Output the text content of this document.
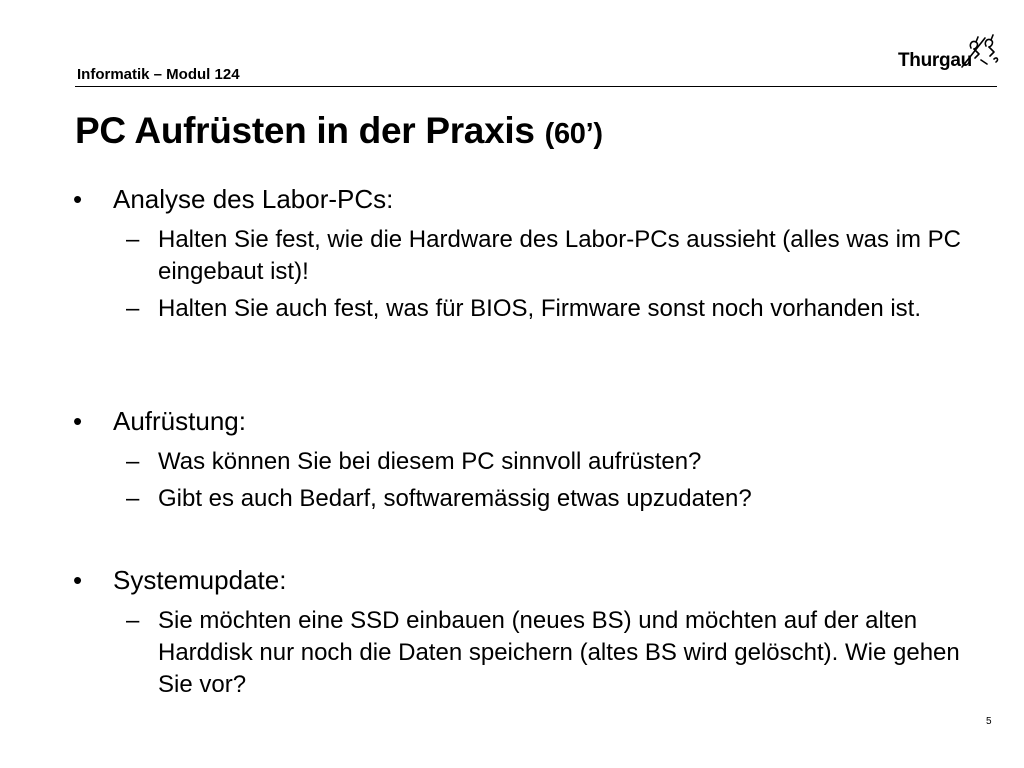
Informatik – Modul 124
Thurgau
PC Aufrüsten in der Praxis (60’)
• Analyse des Labor-PCs:
– Halten Sie fest, wie die Hardware des Labor-PCs aussieht (alles was im PC eingebaut ist)!
– Halten Sie auch fest, was für BIOS, Firmware sonst noch vorhanden ist.
• Aufrüstung:
– Was können Sie bei diesem PC sinnvoll aufrüsten?
– Gibt es auch Bedarf, softwaremässig etwas upzudaten?
• Systemupdate:
– Sie möchten eine SSD einbauen (neues BS) und möchten auf der alten Harddisk nur noch die Daten speichern (altes BS wird gelöscht). Wie gehen Sie vor?
5
